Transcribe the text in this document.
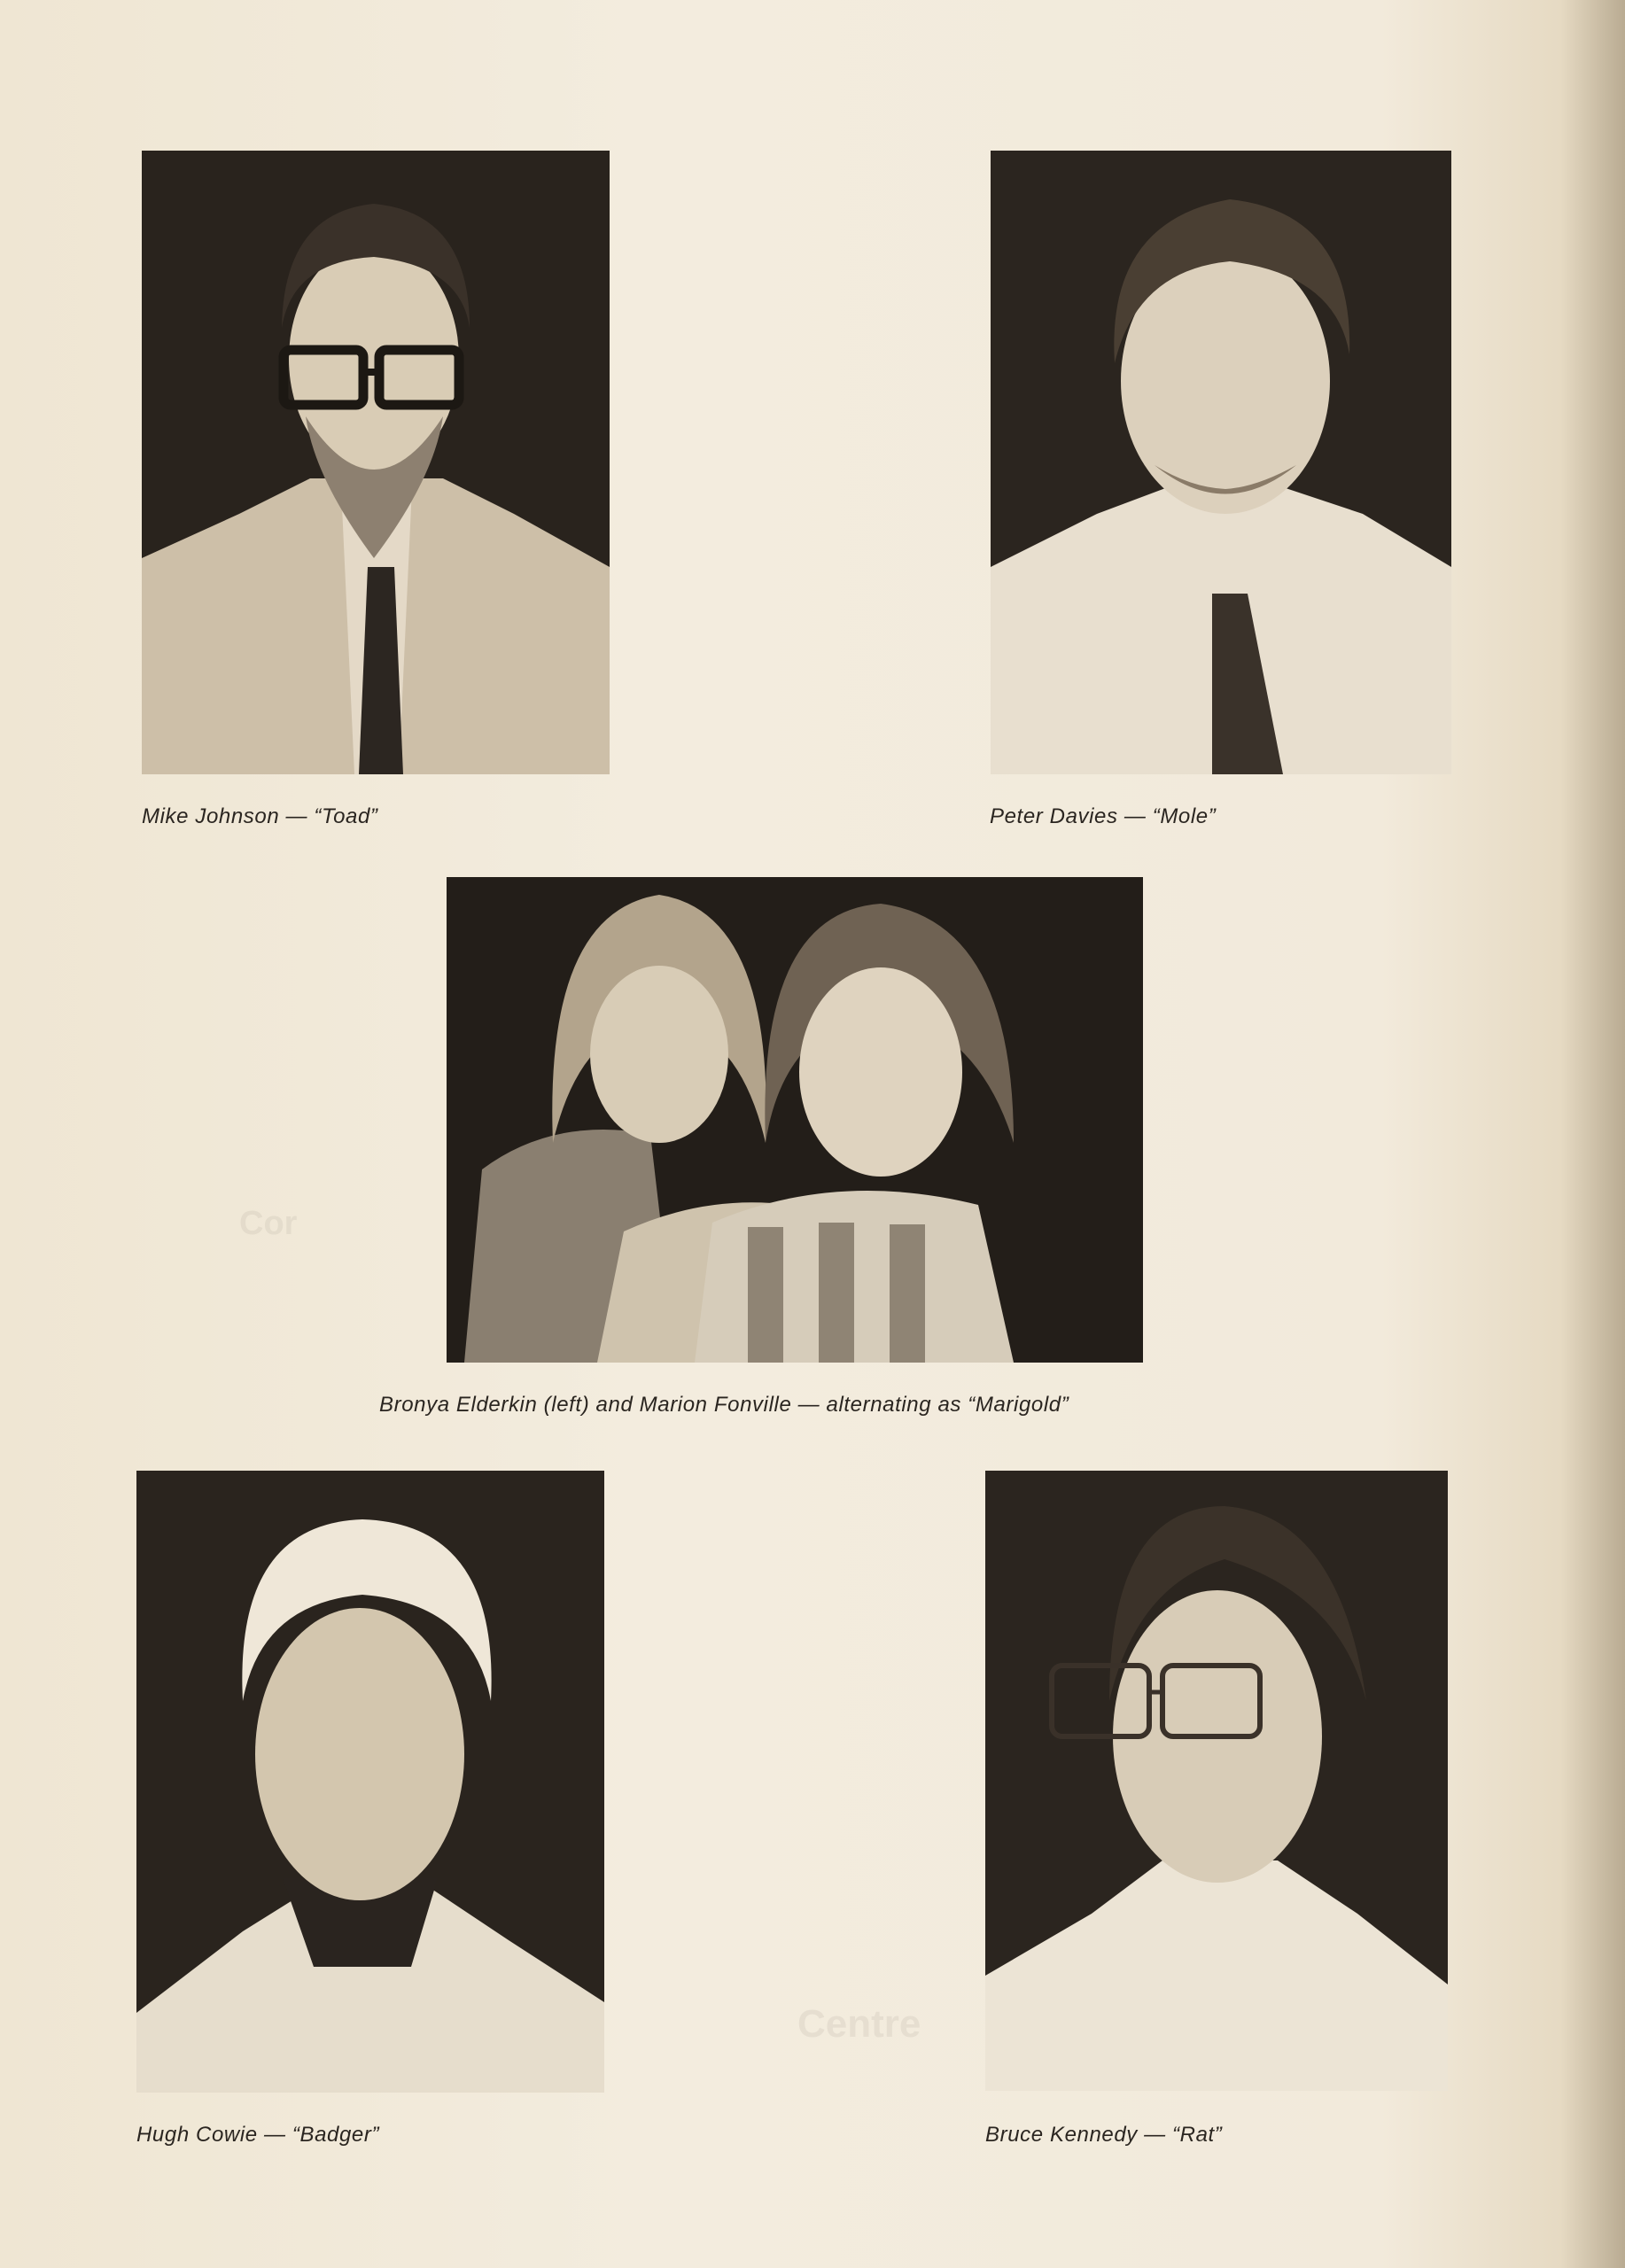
Cor
Centre
Mike Johnson — “Toad”	Peter Davies — “Mole”
Bronya Elderkin (left) and Marion Fonville — alternating as “Marigold”
Hugh Cowie — “Badger”	Bruce Kennedy — “Rat”
